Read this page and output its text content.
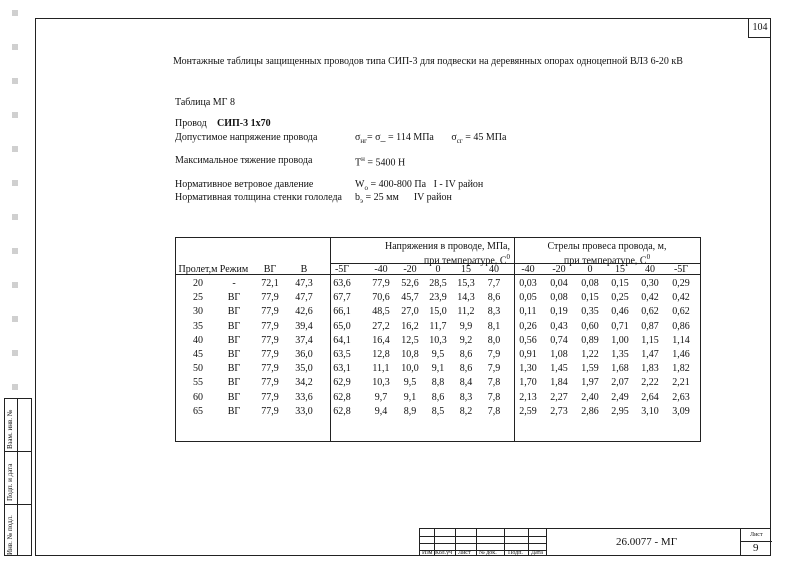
Инв. № подл.
Подп. и дата
Взам. инв. №
104
Монтажные таблицы защищенных проводов типа СИП-3 для подвески на деревянных опорах одноцепной ВЛЗ 6-20 кВ
Таблица МГ 8
Провод СИП-3 1х70
Допустимое напряжение провода	$\sigma_{нг}=$ σ_ = 114 МПа $\sigma_{сг} = 45$ МПа
Максимальное тяжение провода	$T^н = 5400$ Н
Нормативное ветровое давление	$W_о = 400-800$ Па I - IV район
Нормативная толщина стенки гололеда $b_э = 25$ мм IV район
Напряжения в проводе, МПа,
при температуре, $С^0$
Стрелы провеса провода, м,
при температуре, $С^0$
Пролет,м Режим	ВГ	В	-5Г	-40	-20	0	15	40	-40	-20	0	15	40	-5Г
20	-	72,1	47,3	63,6	77,9	52,6	28,5	15,3	7,7	0,03	0,04	0,08	0,15	0,30	0,29
25	ВГ	77,9	47,7	67,7	70,6	45,7	23,9	14,3	8,6	0,05	0,08	0,15	0,25	0,42	0,42
30	ВГ	77,9	42,6	66,1	48,5	27,0	15,0	11,2	8,3	0,11	0,19	0,35	0,46	0,62	0,62
35	ВГ	77,9	39,4	65,0	27,2	16,2	11,7	9,9	8,1	0,26	0,43	0,60	0,71	0,87	0,86
40	ВГ	77,9	37,4	64,1	16,4	12,5	10,3	9,2	8,0	0,56	0,74	0,89	1,00	1,15	1,14
45	ВГ	77,9	36,0	63,5	12,8	10,8	9,5	8,6	7,9	0,91	1,08	1,22	1,35	1,47	1,46
50	ВГ	77,9	35,0	63,1	11,1	10,0	9,1	8,6	7,9	1,30	1,45	1,59	1,68	1,83	1,82
55	ВГ	77,9	34,2	62,9	10,3	9,5	8,8	8,4	7,8	1,70	1,84	1,97	2,07	2,22	2,21
60	ВГ	77,9	33,6	62,8	9,7	9,1	8,6	8,3	7,8	2,13	2,27	2,40	2,49	2,64	2,63
65	ВГ	77,9	33,0	62,8	9,4	8,9	8,5	8,2	7,8	2,59	2,73	2,86	2,95	3,10	3,09
Изм Кол.уч Лист № док. Подп. Дата
26.0077 - МГ
Лист
9
